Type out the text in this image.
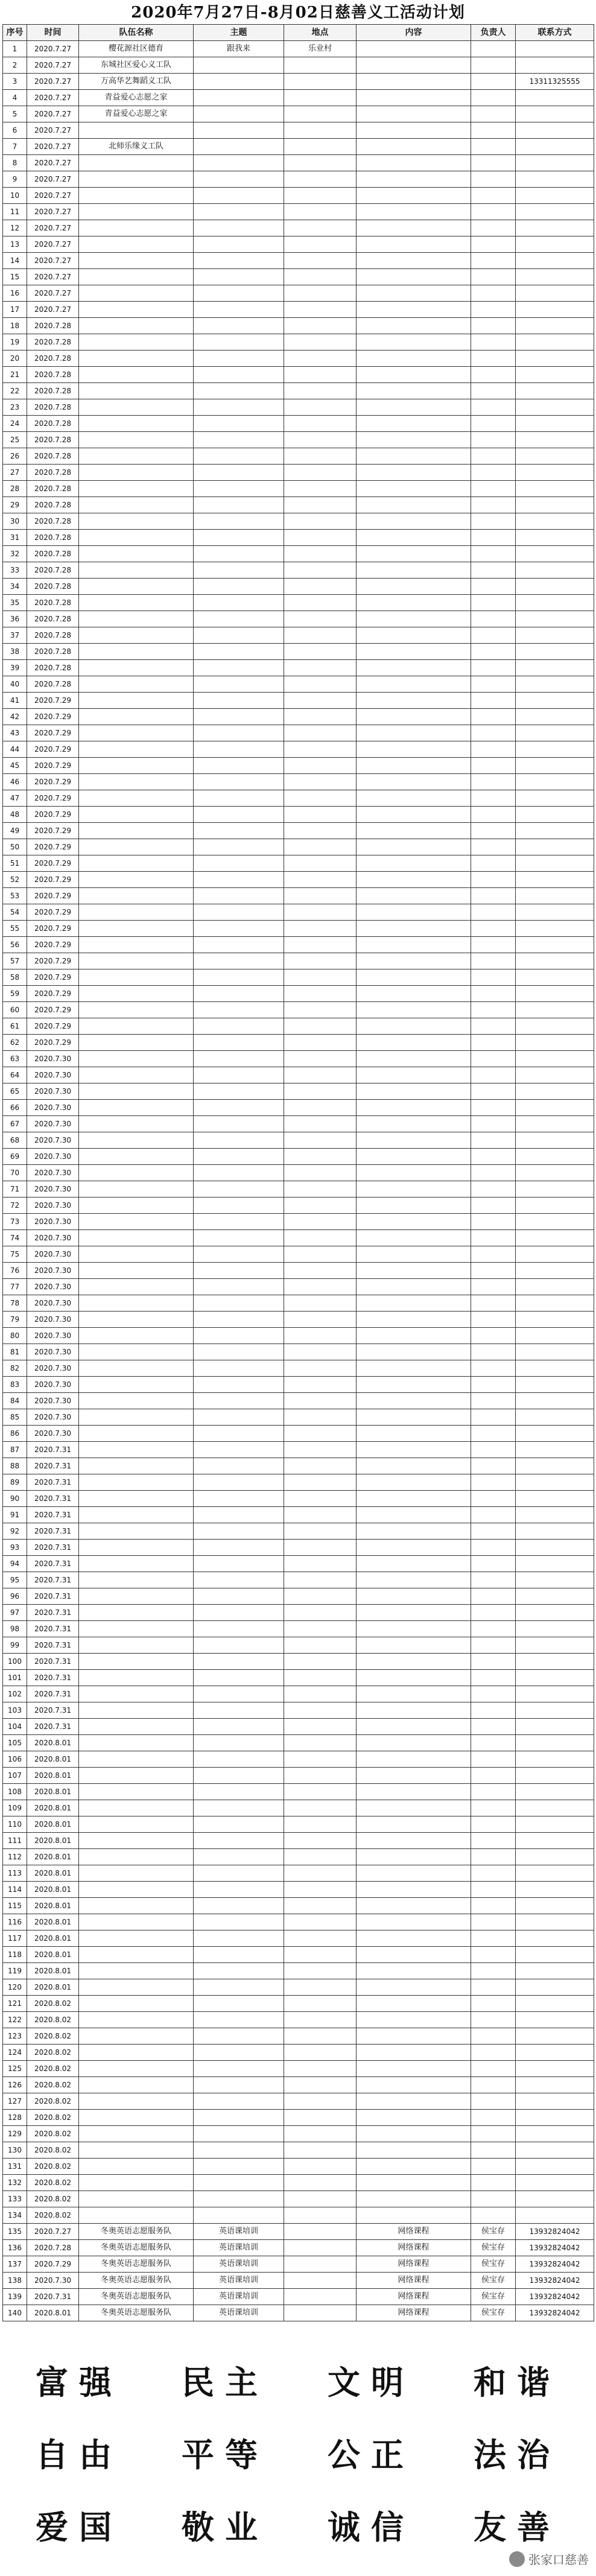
2020年7月27日-8月02日慈善义工活动计划
序号	时间	队伍名称	主题	地点	内容	负责人	联系方式
1	2020.7.27	樱花源社区德育	跟我来	乐业村			
2	2020.7.27	东城社区爱心义工队					
3	2020.7.27	万高华艺舞蹈义工队					13311325555
4	2020.7.27	青益爱心志愿之家					
5	2020.7.27	青益爱心志愿之家					
6	2020.7.27						
7	2020.7.27	北师乐缘义工队					
8	2020.7.27						
9	2020.7.27						
10	2020.7.27						
11	2020.7.27						
12	2020.7.27						
13	2020.7.27						
14	2020.7.27						
15	2020.7.27						
16	2020.7.27						
17	2020.7.27						
18	2020.7.28						
19	2020.7.28						
20	2020.7.28						
21	2020.7.28						
22	2020.7.28						
23	2020.7.28						
24	2020.7.28						
25	2020.7.28						
26	2020.7.28						
27	2020.7.28						
28	2020.7.28						
29	2020.7.28						
30	2020.7.28						
31	2020.7.28						
32	2020.7.28						
33	2020.7.28						
34	2020.7.28						
35	2020.7.28						
36	2020.7.28						
37	2020.7.28						
38	2020.7.28						
39	2020.7.28						
40	2020.7.28						
41	2020.7.29						
42	2020.7.29						
43	2020.7.29						
44	2020.7.29						
45	2020.7.29						
46	2020.7.29						
47	2020.7.29						
48	2020.7.29						
49	2020.7.29						
50	2020.7.29						
51	2020.7.29						
52	2020.7.29						
53	2020.7.29						
54	2020.7.29						
55	2020.7.29						
56	2020.7.29						
57	2020.7.29						
58	2020.7.29						
59	2020.7.29						
60	2020.7.29						
61	2020.7.29						
62	2020.7.29						
63	2020.7.30						
64	2020.7.30						
65	2020.7.30						
66	2020.7.30						
67	2020.7.30						
68	2020.7.30						
69	2020.7.30						
70	2020.7.30						
71	2020.7.30						
72	2020.7.30						
73	2020.7.30						
74	2020.7.30						
75	2020.7.30						
76	2020.7.30						
77	2020.7.30						
78	2020.7.30						
79	2020.7.30						
80	2020.7.30						
81	2020.7.30						
82	2020.7.30						
83	2020.7.30						
84	2020.7.30						
85	2020.7.30						
86	2020.7.30						
87	2020.7.31						
88	2020.7.31						
89	2020.7.31						
90	2020.7.31						
91	2020.7.31						
92	2020.7.31						
93	2020.7.31						
94	2020.7.31						
95	2020.7.31						
96	2020.7.31						
97	2020.7.31						
98	2020.7.31						
99	2020.7.31						
100	2020.7.31						
101	2020.7.31						
102	2020.7.31						
103	2020.7.31						
104	2020.7.31						
105	2020.8.01						
106	2020.8.01						
107	2020.8.01						
108	2020.8.01						
109	2020.8.01						
110	2020.8.01						
111	2020.8.01						
112	2020.8.01						
113	2020.8.01						
114	2020.8.01						
115	2020.8.01						
116	2020.8.01						
117	2020.8.01						
118	2020.8.01						
119	2020.8.01						
120	2020.8.01						
121	2020.8.02						
122	2020.8.02						
123	2020.8.02						
124	2020.8.02						
125	2020.8.02						
126	2020.8.02						
127	2020.8.02						
128	2020.8.02						
129	2020.8.02						
130	2020.8.02						
131	2020.8.02						
132	2020.8.02						
133	2020.8.02						
134	2020.8.02						
135	2020.7.27	冬奥英语志愿服务队	英语课培训		网络课程	侯宝存	13932824042
136	2020.7.28	冬奥英语志愿服务队	英语课培训		网络课程	侯宝存	13932824042
137	2020.7.29	冬奥英语志愿服务队	英语课培训		网络课程	侯宝存	13932824042
138	2020.7.30	冬奥英语志愿服务队	英语课培训		网络课程	侯宝存	13932824042
139	2020.7.31	冬奥英语志愿服务队	英语课培训		网络课程	侯宝存	13932824042
140	2020.8.01	冬奥英语志愿服务队	英语课培训		网络课程	侯宝存	13932824042
富强	民主	文明	和谐
自由	平等	公正	法治
爱国	敬业	诚信	友善
张家口慈善
